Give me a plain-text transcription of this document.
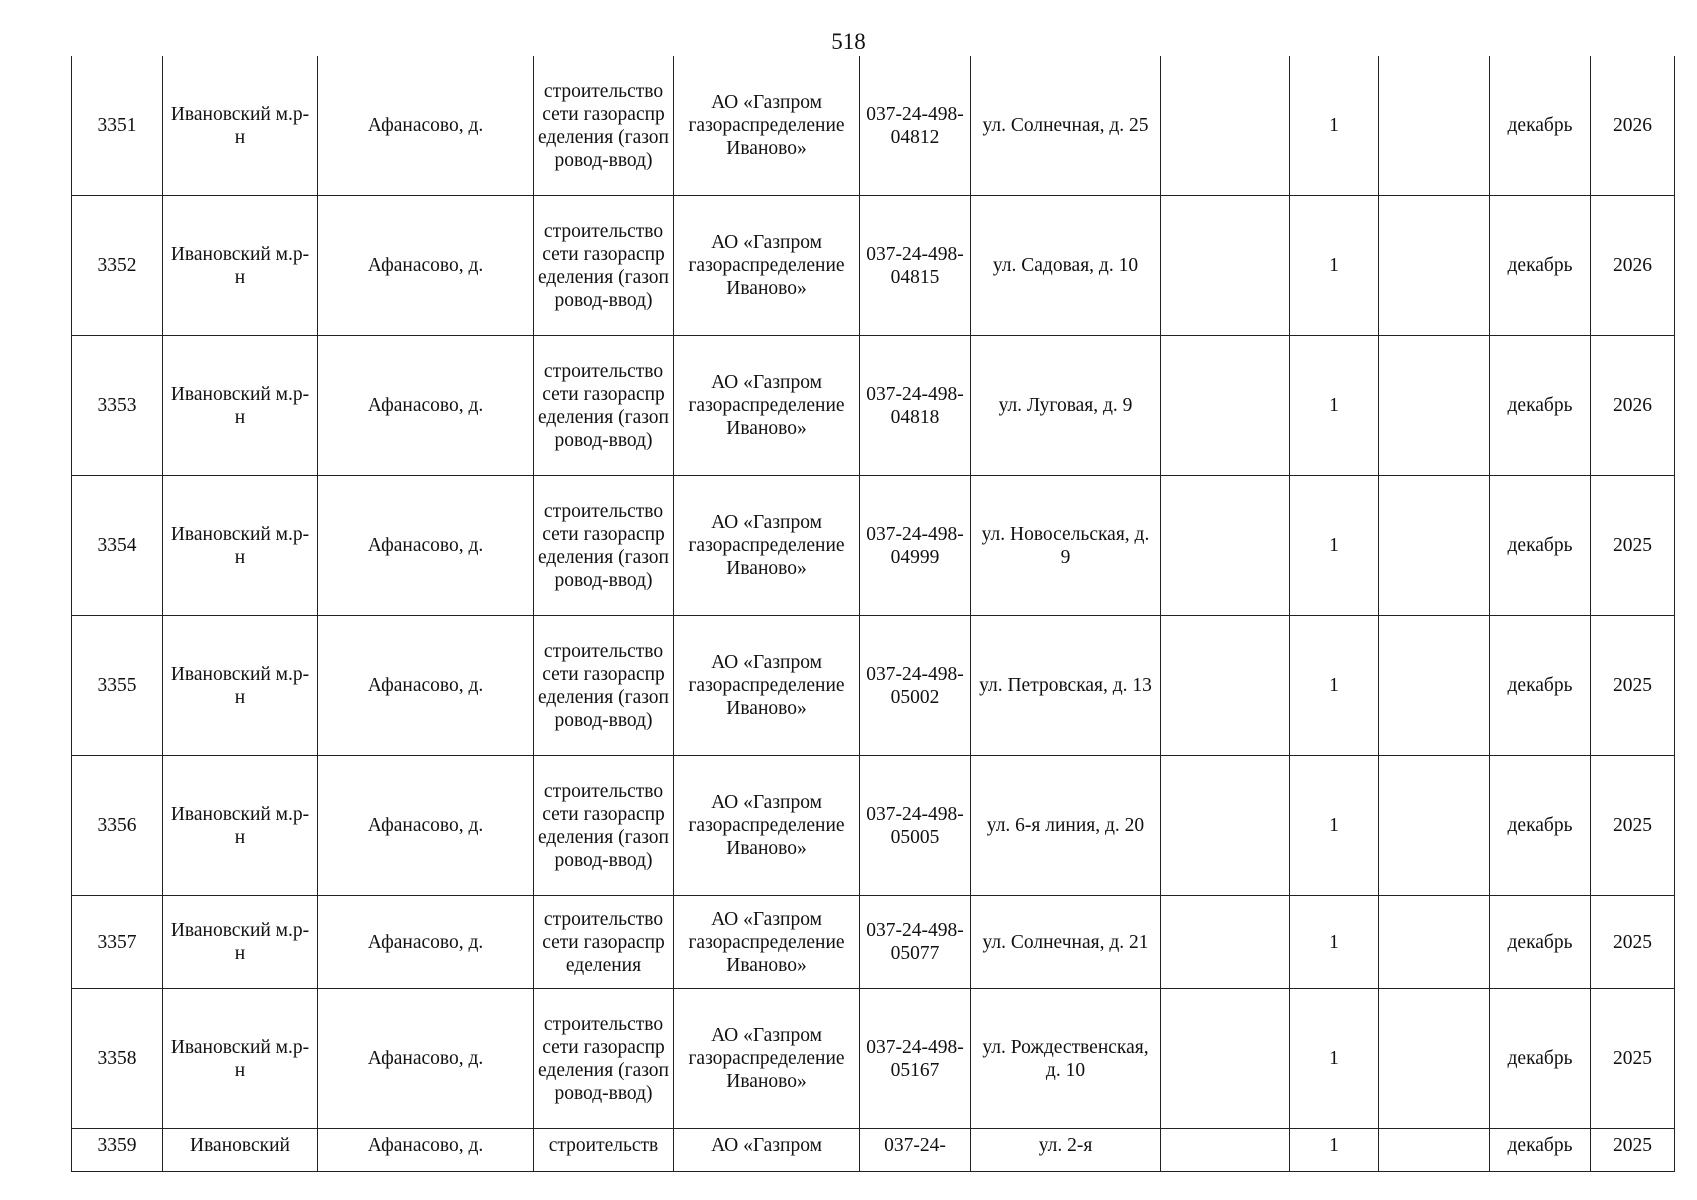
518
3351	Ивановский м.р-н	Афанасово, д.	строительство сети газораспределения (газопровод-ввод)	АО «Газпром газораспределение Иваново»	037-24-498-04812	ул. Солнечная, д. 25		1		декабрь	2026
3352	Ивановский м.р-н	Афанасово, д.	строительство сети газораспределения (газопровод-ввод)	АО «Газпром газораспределение Иваново»	037-24-498-04815	ул. Садовая, д. 10		1		декабрь	2026
3353	Ивановский м.р-н	Афанасово, д.	строительство сети газораспределения (газопровод-ввод)	АО «Газпром газораспределение Иваново»	037-24-498-04818	ул. Луговая, д. 9		1		декабрь	2026
3354	Ивановский м.р-н	Афанасово, д.	строительство сети газораспределения (газопровод-ввод)	АО «Газпром газораспределение Иваново»	037-24-498-04999	ул. Новосельская, д. 9		1		декабрь	2025
3355	Ивановский м.р-н	Афанасово, д.	строительство сети газораспределения (газопровод-ввод)	АО «Газпром газораспределение Иваново»	037-24-498-05002	ул. Петровская, д. 13		1		декабрь	2025
3356	Ивановский м.р-н	Афанасово, д.	строительство сети газораспределения (газопровод-ввод)	АО «Газпром газораспределение Иваново»	037-24-498-05005	ул. 6-я линия, д. 20		1		декабрь	2025
3357	Ивановский м.р-н	Афанасово, д.	строительство сети газораспределения	АО «Газпром газораспределение Иваново»	037-24-498-05077	ул. Солнечная, д. 21		1		декабрь	2025
3358	Ивановский м.р-н	Афанасово, д.	строительство сети газораспределения (газопровод-ввод)	АО «Газпром газораспределение Иваново»	037-24-498-05167	ул. Рождественская, д. 10		1		декабрь	2025
3359	Ивановский	Афанасово, д.	строительств	АО «Газпром	037-24-	ул. 2-я		1		декабрь	2025
